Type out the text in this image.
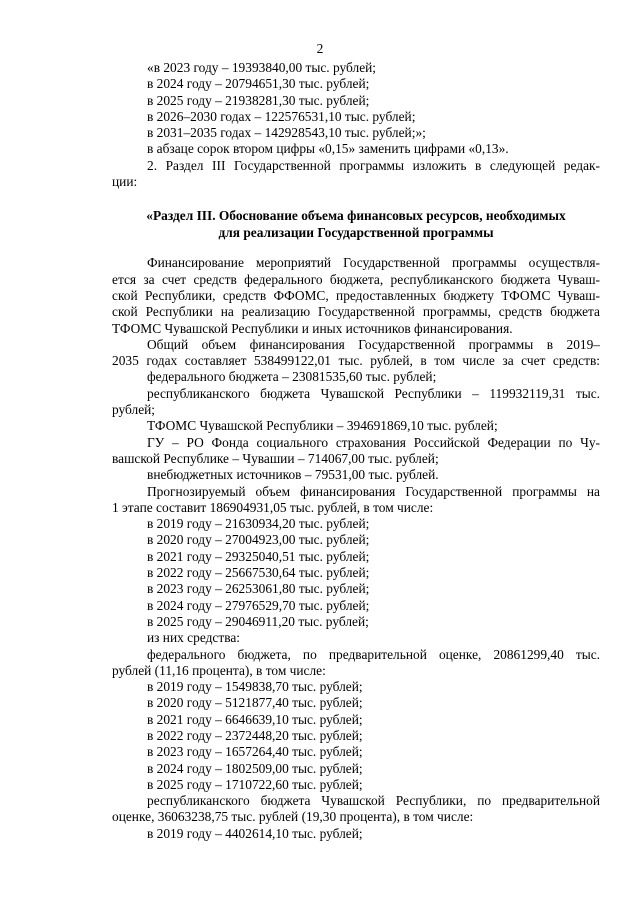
2
«в 2023 году – 19393840,00 тыс. рублей;
в 2024 году – 20794651,30 тыс. рублей;
в 2025 году – 21938281,30 тыс. рублей;
в 2026–2030 годах – 122576531,10 тыс. рублей;
в 2031–2035 годах – 142928543,10 тыс. рублей;»;
в абзаце сорок втором цифры «0,15» заменить цифрами «0,13».
2. Раздел III Государственной программы изложить в следующей редак-
ции:
«Раздел III. Обоснование объема финансовых ресурсов, необходимых
для реализации Государственной программы
Финансирование мероприятий Государственной программы осуществля-
ется за счет средств федерального бюджета, республиканского бюджета Чуваш-
ской Республики, средств ФФОМС, предоставленных бюджету ТФОМС Чуваш-
ской Республики на реализацию Государственной программы, средств бюджета
ТФОМС Чувашской Республики и иных источников финансирования.
Общий объем финансирования Государственной программы в 2019–
2035 годах составляет 538499122,01 тыс. рублей, в том числе за счет средств:
федерального бюджета – 23081535,60 тыс. рублей;
республиканского бюджета Чувашской Республики – 119932119,31 тыс.
рублей;
ТФОМС Чувашской Республики – 394691869,10 тыс. рублей;
ГУ – РО Фонда социального страхования Российской Федерации по Чу-
вашской Республике – Чувашии – 714067,00 тыс. рублей;
внебюджетных источников – 79531,00 тыс. рублей.
Прогнозируемый объем финансирования Государственной программы на
1 этапе составит 186904931,05 тыс. рублей, в том числе:
в 2019 году – 21630934,20 тыс. рублей;
в 2020 году – 27004923,00 тыс. рублей;
в 2021 году – 29325040,51 тыс. рублей;
в 2022 году – 25667530,64 тыс. рублей;
в 2023 году – 26253061,80 тыс. рублей;
в 2024 году – 27976529,70 тыс. рублей;
в 2025 году – 29046911,20 тыс. рублей;
из них средства:
федерального бюджета, по предварительной оценке, 20861299,40 тыс.
рублей (11,16 процента), в том числе:
в 2019 году – 1549838,70 тыс. рублей;
в 2020 году – 5121877,40 тыс. рублей;
в 2021 году – 6646639,10 тыс. рублей;
в 2022 году – 2372448,20 тыс. рублей;
в 2023 году – 1657264,40 тыс. рублей;
в 2024 году – 1802509,00 тыс. рублей;
в 2025 году – 1710722,60 тыс. рублей;
республиканского бюджета Чувашской Республики, по предварительной
оценке, 36063238,75 тыс. рублей (19,30 процента), в том числе:
в 2019 году – 4402614,10 тыс. рублей;
